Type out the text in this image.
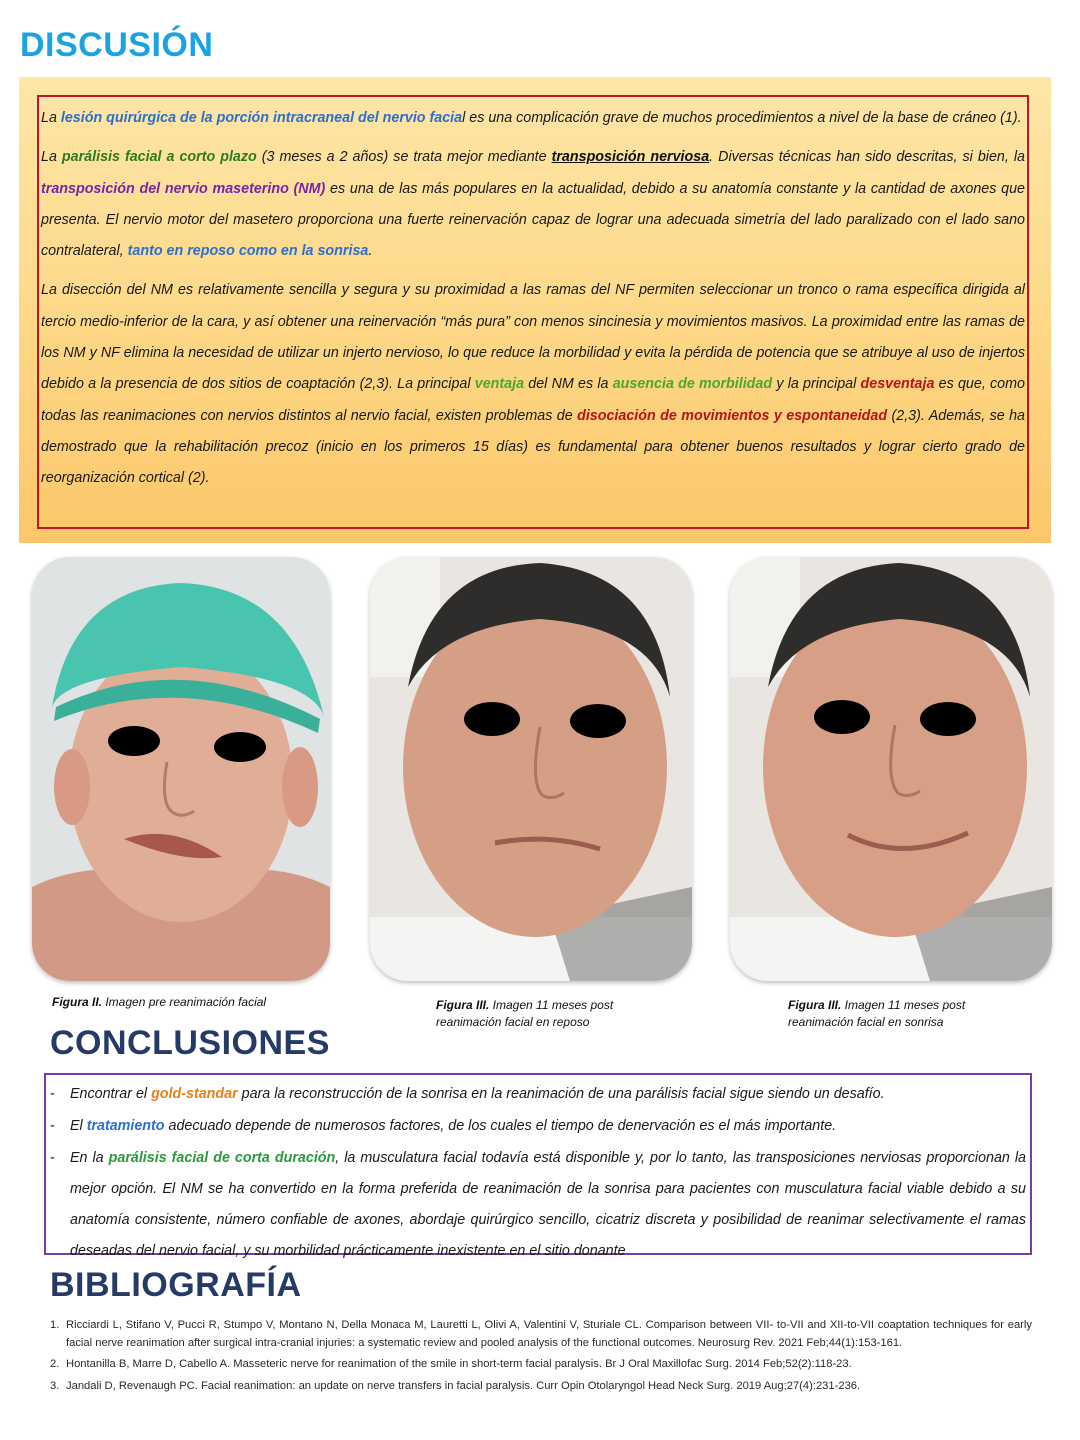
DISCUSIÓN

La lesión quirúrgica de la porción intracraneal del nervio facial es una complicación grave de muchos procedimientos a nivel de la base de cráneo (1).

La parálisis facial a corto plazo (3 meses a 2 años) se trata mejor mediante transposición nerviosa. Diversas técnicas han sido descritas, si bien, la transposición del nervio maseterino (NM) es una de las más populares en la actualidad, debido a su anatomía constante y la cantidad de axones que presenta. El nervio motor del masetero proporciona una fuerte reinervación capaz de lograr una adecuada simetría del lado paralizado con el lado sano contralateral, tanto en reposo como en la sonrisa.

La disección del NM es relativamente sencilla y segura y su proximidad a las ramas del NF permiten seleccionar un tronco o rama específica dirigida al tercio medio-inferior de la cara, y así obtener una reinervación “más pura” con menos sincinesia y movimientos masivos. La proximidad entre las ramas de los NM y NF elimina la necesidad de utilizar un injerto nervioso, lo que reduce la morbilidad y evita la pérdida de potencia que se atribuye al uso de injertos debido a la presencia de dos sitios de coaptación (2,3). La principal ventaja del NM es la ausencia de morbilidad y la principal desventaja es que, como todas las reanimaciones con nervios distintos al nervio facial, existen problemas de disociación de movimientos y espontaneidad (2,3). Además, se ha demostrado que la rehabilitación precoz (inicio en los primeros 15 días) es fundamental para obtener buenos resultados y lograr cierto grado de reorganización cortical (2).

Figura II. Imagen pre reanimación facial	Figura III. Imagen 11 meses post reanimación facial en reposo
Figura III. Imagen 11 meses post reanimación facial en sonrisa
CONCLUSIONES
- Encontrar el gold-standar para la reconstrucción de la sonrisa en la reanimación de una parálisis facial sigue siendo un desafío.
- El tratamiento adecuado depende de numerosos factores, de los cuales el tiempo de denervación es el más importante.
- En la parálisis facial de corta duración, la musculatura facial todavía está disponible y, por lo tanto, las transposiciones nerviosas proporcionan la mejor opción. El NM se ha convertido en la forma preferida de reanimación de la sonrisa para pacientes con musculatura facial viable debido a su anatomía consistente, número confiable de axones, abordaje quirúrgico sencillo, cicatriz discreta y posibilidad de reanimar selectivamente el ramas deseadas del nervio facial, y su morbilidad prácticamente inexistente en el sitio donante
BIBLIOGRAFÍA
1. Ricciardi L, Stifano V, Pucci R, Stumpo V, Montano N, Della Monaca M, Lauretti L, Olivi A, Valentini V, Sturiale CL. Comparison between VII- to-VII and XII-to-VII coaptation techniques for early facial nerve reanimation after surgical intra-cranial injuries: a systematic review and pooled analysis of the functional outcomes. Neurosurg Rev. 2021 Feb;44(1):153-161.
2. Hontanilla B, Marre D, Cabello A. Masseteric nerve for reanimation of the smile in short-term facial paralysis. Br J Oral Maxillofac Surg. 2014 Feb;52(2):118-23.
3. Jandali D, Revenaugh PC. Facial reanimation: an update on nerve transfers in facial paralysis. Curr Opin Otolaryngol Head Neck Surg. 2019 Aug;27(4):231-236.
